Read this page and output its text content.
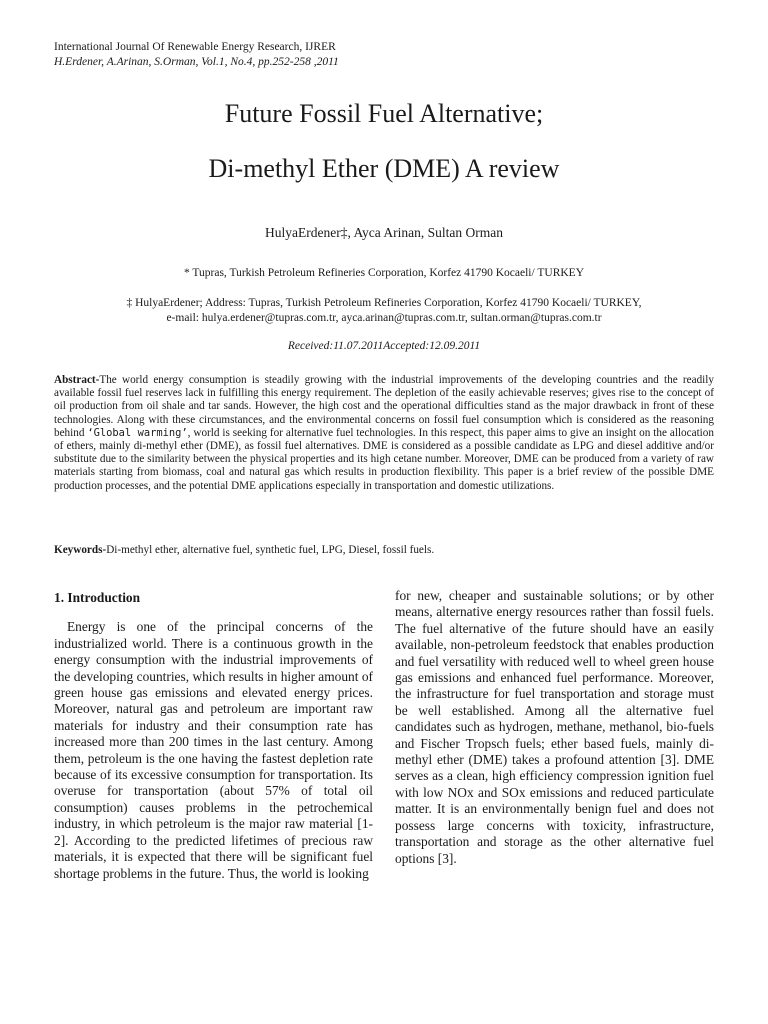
International Journal Of Renewable Energy Research, IJRER
H.Erdener, A.Arinan, S.Orman, Vol.1, No.4, pp.252-258 ,2011
Future Fossil Fuel Alternative;
Di-methyl Ether (DME) A review
HulyaErdener‡, Ayca Arinan, Sultan Orman
* Tupras, Turkish Petroleum Refineries Corporation, Korfez 41790 Kocaeli/ TURKEY
‡ HulyaErdener; Address: Tupras, Turkish Petroleum Refineries Corporation, Korfez 41790 Kocaeli/ TURKEY,
e-mail: hulya.erdener@tupras.com.tr, ayca.arinan@tupras.com.tr, sultan.orman@tupras.com.tr
Received:11.07.2011Accepted:12.09.2011
Abstract-The world energy consumption is steadily growing with the industrial improvements of the developing countries and the readily available fossil fuel reserves lack in fulfilling this energy requirement. The depletion of the easily achievable reserves; gives rise to the concept of oil production from oil shale and tar sands. However, the high cost and the operational difficulties stand as the major drawback in front of these technologies. Along with these circumstances, and the environmental concerns on fossil fuel consumption which is considered as the reasoning behind ‘Global warming’, world is seeking for alternative fuel technologies. In this respect, this paper aims to give an insight on the allocation of ethers, mainly di-methyl ether (DME), as fossil fuel alternatives. DME is considered as a possible candidate as LPG and diesel additive and/or substitute due to the similarity between the physical properties and its high cetane number. Moreover, DME can be produced from a variety of raw materials starting from biomass, coal and natural gas which results in production flexibility. This paper is a brief review of the possible DME production processes, and the potential DME applications especially in transportation and domestic utilizations.
Keywords-Di-methyl ether, alternative fuel, synthetic fuel, LPG, Diesel, fossil fuels.
1. Introduction

Energy is one of the principal concerns of the industrialized world. There is a continuous growth in the energy consumption with the industrial improvements of the developing countries, which results in higher amount of green house gas emissions and elevated energy prices. Moreover, natural gas and petroleum are important raw materials for industry and their consumption rate has increased more than 200 times in the last century. Among them, petroleum is the one having the fastest depletion rate because of its excessive consumption for transportation. Its overuse for transportation (about 57% of total oil consumption) causes problems in the petrochemical industry, in which petroleum is the major raw material [1-2]. According to the predicted lifetimes of precious raw materials, it is expected that there will be significant fuel shortage problems in the future. Thus, the world is looking

for new, cheaper and sustainable solutions; or by other means, alternative energy resources rather than fossil fuels. The fuel alternative of the future should have an easily available, non-petroleum feedstock that enables production and fuel versatility with reduced well to wheel green house gas emissions and enhanced fuel performance. Moreover, the infrastructure for fuel transportation and storage must be well established. Among all the alternative fuel candidates such as hydrogen, methane, methanol, bio-fuels and Fischer Tropsch fuels; ether based fuels, mainly di-methyl ether (DME) takes a profound attention [3]. DME serves as a clean, high efficiency compression ignition fuel with low NOx and SOx emissions and reduced particulate matter. It is an environmentally benign fuel and does not possess large concerns with toxicity, infrastructure, transportation and storage as the other alternative fuel options [3].
